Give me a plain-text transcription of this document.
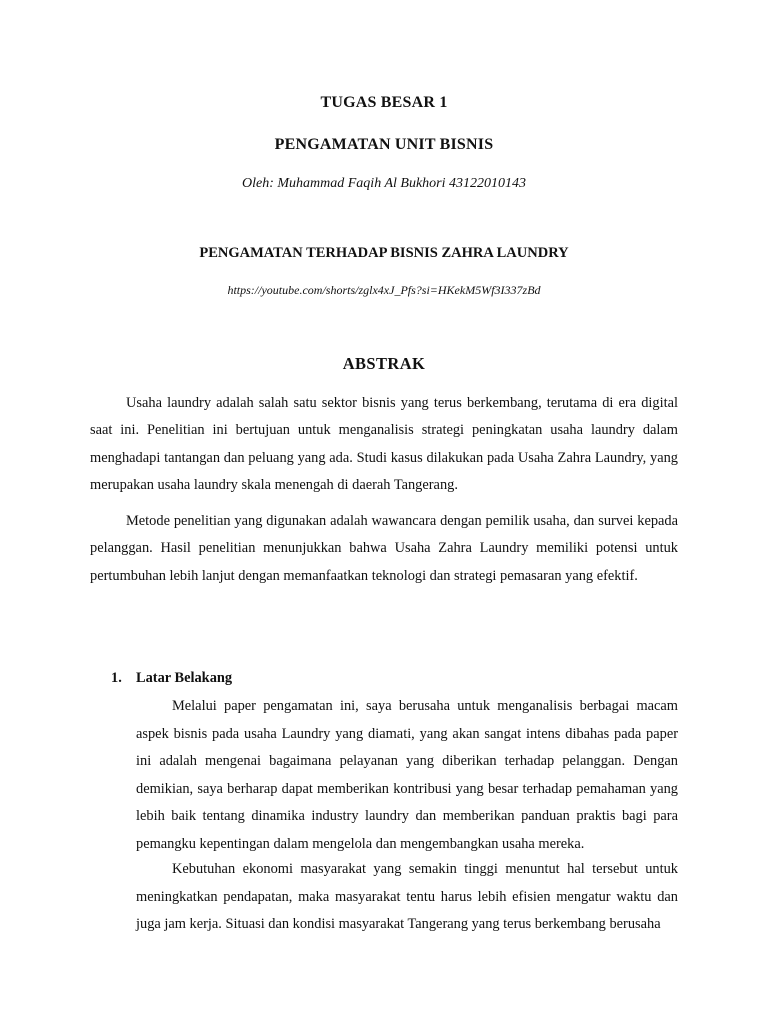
TUGAS BESAR 1
PENGAMATAN UNIT BISNIS
Oleh: Muhammad Faqih Al Bukhori 43122010143
PENGAMATAN TERHADAP BISNIS ZAHRA LAUNDRY
https://youtube.com/shorts/zglx4xJ_Pfs?si=HKekM5Wf3I337zBd
ABSTRAK

Usaha laundry adalah salah satu sektor bisnis yang terus berkembang, terutama di era digital saat ini. Penelitian ini bertujuan untuk menganalisis strategi peningkatan usaha laundry dalam menghadapi tantangan dan peluang yang ada. Studi kasus dilakukan pada Usaha Zahra Laundry, yang merupakan usaha laundry skala menengah di daerah Tangerang.

Metode penelitian yang digunakan adalah wawancara dengan pemilik usaha, dan survei kepada pelanggan. Hasil penelitian menunjukkan bahwa Usaha Zahra Laundry memiliki potensi untuk pertumbuhan lebih lanjut dengan memanfaatkan teknologi dan strategi pemasaran yang efektif.

1. Latar Belakang

Melalui paper pengamatan ini, saya berusaha untuk menganalisis berbagai macam aspek bisnis pada usaha Laundry yang diamati, yang akan sangat intens dibahas pada paper ini adalah mengenai bagaimana pelayanan yang diberikan terhadap pelanggan. Dengan demikian, saya berharap dapat memberikan kontribusi yang besar terhadap pemahaman yang lebih baik tentang dinamika industry laundry dan memberikan panduan praktis bagi para pemangku kepentingan dalam mengelola dan mengembangkan usaha mereka.

Kebutuhan ekonomi masyarakat yang semakin tinggi menuntut hal tersebut untuk meningkatkan pendapatan, maka masyarakat tentu harus lebih efisien mengatur waktu dan juga jam kerja. Situasi dan kondisi masyarakat Tangerang yang terus berkembang berusaha
